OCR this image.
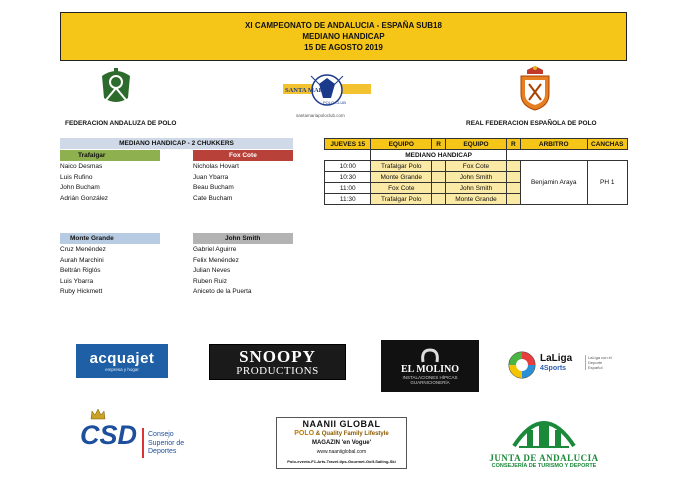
XI CAMPEONATO DE ANDALUCIA - ESPAÑA SUB18
MEDIANO HANDICAP
15 DE AGOSTO 2019
FEDERACION ANDALUZA DE POLO
SANTA MARIA
POLO CLUB
santamariapoloclub.com
REAL FEDERACION ESPAÑOLA DE POLO
MEDIANO HANDICAP - 2 CHUKKERS
Trafalgar
Naico Desmas
Luis Rufino
John Bucham
Adrián González
Fox Cote
Nicholas Hovart
Juan Ybarra
Beau Bucham
Cate Bucham
Monte Grande
Cruz Menéndez
Aurah Marchini
Beltrán Riglós
Luis Ybarra
Ruby Hickmett
John Smith
Gabriel Aguirre
Felix Menéndez
Julian Neves
Ruben Ruiz
Aniceto de la Puerta
JUEVES 15	EQUIPO	R	EQUIPO	R	ARBITRO	CANCHAS
	MEDIANO HANDICAP					
10:00	Trafalgar Polo		Fox Cote		Benjamin Araya	PH 1
10:30	Monte Grande		John Smith			
11:00	Fox Cote		John Smith			
11:30	Trafalgar Polo		Monte Grande			
acquajet
empresa y hogar
SNOOPY
PRODUCTIONS	EL MOLINO
INSTALACIONES HÍPICAS
GUARNICIONERÍA
LaLiga
4Sports
LaLiga con el Deporte Español
CSD Consejo
Superior de
Deportes
NAANII GLOBAL
POLO & Quality Family Lifestyle
MAGAZIN 'en Vogue'
www.naaniiglobal.com
Polo-events-F1-Arts-Travel-tips-Gourmet-Golf-Sailing-Ski	JUNTA DE ANDALUCIA
CONSEJERÍA DE TURISMO Y DEPORTE
